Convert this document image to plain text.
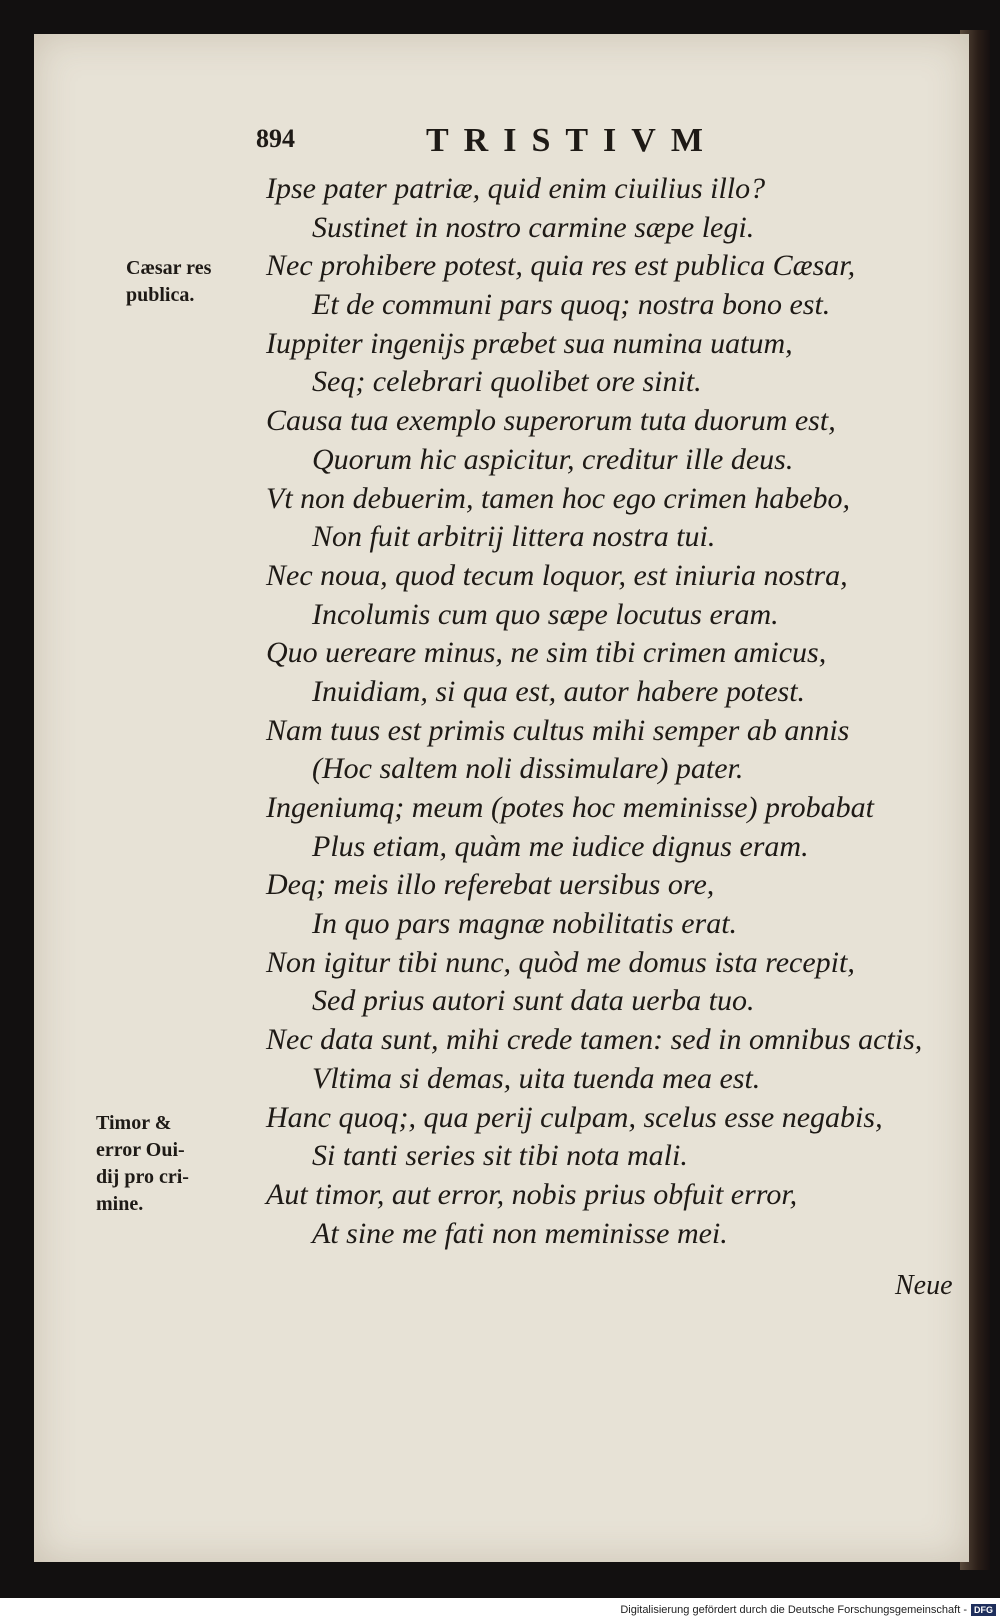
894	TRISTIVM
Cæsar res
publica.
Timor &
error Oui-
dij pro cri-
mine.
Ipse pater patriæ, quid enim ciuilius illo?
Sustinet in nostro carmine sæpe legi.
Nec prohibere potest, quia res est publica Cæsar,
Et de communi pars quoq; nostra bono est.
Iuppiter ingenijs præbet sua numina uatum,
Seq; celebrari quolibet ore sinit.
Causa tua exemplo superorum tuta duorum est,
Quorum hic aspicitur, creditur ille deus.
Vt non debuerim, tamen hoc ego crimen habebo,
Non fuit arbitrij littera nostra tui.
Nec noua, quod tecum loquor, est iniuria nostra,
Incolumis cum quo sæpe locutus eram.
Quo uereare minus, ne sim tibi crimen amicus,
Inuidiam, si qua est, autor habere potest.
Nam tuus est primis cultus mihi semper ab annis
(Hoc saltem noli dissimulare) pater.
Ingeniumq; meum (potes hoc meminisse) probabat
Plus etiam, quàm me iudice dignus eram.
Deq; meis illo referebat uersibus ore,
In quo pars magnæ nobilitatis erat.
Non igitur tibi nunc, quòd me domus ista recepit,
Sed prius autori sunt data uerba tuo.
Nec data sunt, mihi crede tamen: sed in omnibus actis,
Vltima si demas, uita tuenda mea est.
Hanc quoq;, qua perij culpam, scelus esse negabis,
Si tanti series sit tibi nota mali.
Aut timor, aut error, nobis prius obfuit error,
At sine me fati non meminisse mei.
Neue
Digitalisierung gefördert durch die Deutsche Forschungsgemeinschaft - DFG
